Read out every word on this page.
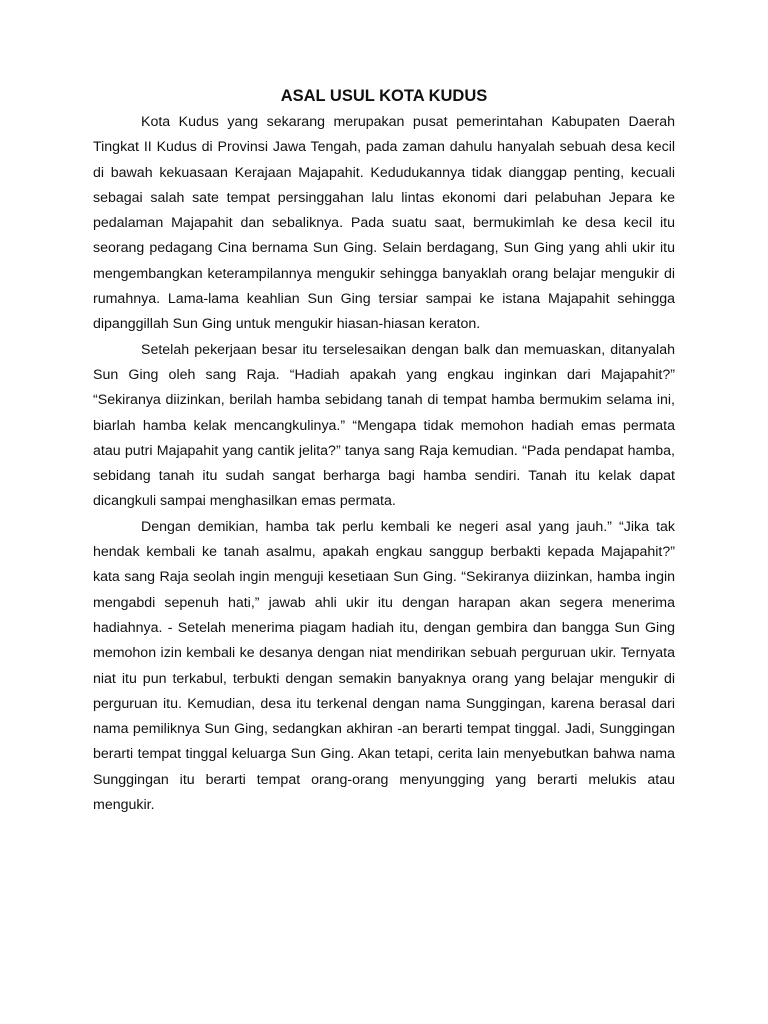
ASAL USUL KOTA KUDUS

Kota Kudus yang sekarang merupakan pusat pemerintahan Kabupaten Daerah Tingkat II Kudus di Provinsi Jawa Tengah, pada zaman dahulu hanyalah sebuah desa kecil di bawah kekuasaan Kerajaan Majapahit. Kedudukannya tidak dianggap penting, kecuali sebagai salah sate tempat persinggahan lalu lintas ekonomi dari pelabuhan Jepara ke pedalaman Majapahit dan sebaliknya. Pada suatu saat, bermukimlah ke desa kecil itu seorang pedagang Cina bernama Sun Ging. Selain berdagang, Sun Ging yang ahli ukir itu mengembangkan keterampilannya mengukir sehingga banyaklah orang belajar mengukir di rumahnya. Lama-lama keahlian Sun Ging tersiar sampai ke istana Majapahit sehingga dipanggillah Sun Ging untuk mengukir hiasan-hiasan keraton.

Setelah pekerjaan besar itu terselesaikan dengan balk dan memuaskan, ditanyalah Sun Ging oleh sang Raja. “Hadiah apakah yang engkau inginkan dari Majapahit?” “Sekiranya diizinkan, berilah hamba sebidang tanah di tempat hamba bermukim selama ini, biarlah hamba kelak mencangkulinya.” “Mengapa tidak memohon hadiah emas permata atau putri Majapahit yang cantik jelita?” tanya sang Raja kemudian. “Pada pendapat hamba, sebidang tanah itu sudah sangat berharga bagi hamba sendiri. Tanah itu kelak dapat dicangkuli sampai menghasilkan emas permata.

Dengan demikian, hamba tak perlu kembali ke negeri asal yang jauh.” “Jika tak hendak kembali ke tanah asalmu, apakah engkau sanggup berbakti kepada Majapahit?” kata sang Raja seolah ingin menguji kesetiaan Sun Ging. “Sekiranya diizinkan, hamba ingin mengabdi sepenuh hati,” jawab ahli ukir itu dengan harapan akan segera menerima hadiahnya. - Setelah menerima piagam hadiah itu, dengan gembira dan bangga Sun Ging memohon izin kembali ke desanya dengan niat mendirikan sebuah perguruan ukir. Ternyata niat itu pun terkabul, terbukti dengan semakin banyaknya orang yang belajar mengukir di perguruan itu. Kemudian, desa itu terkenal dengan nama Sunggingan, karena berasal dari nama pemiliknya Sun Ging, sedangkan akhiran -an berarti tempat tinggal. Jadi, Sunggingan berarti tempat tinggal keluarga Sun Ging. Akan tetapi, cerita lain menyebutkan bahwa nama Sunggingan itu berarti tempat orang-orang menyungging yang berarti melukis atau mengukir.
